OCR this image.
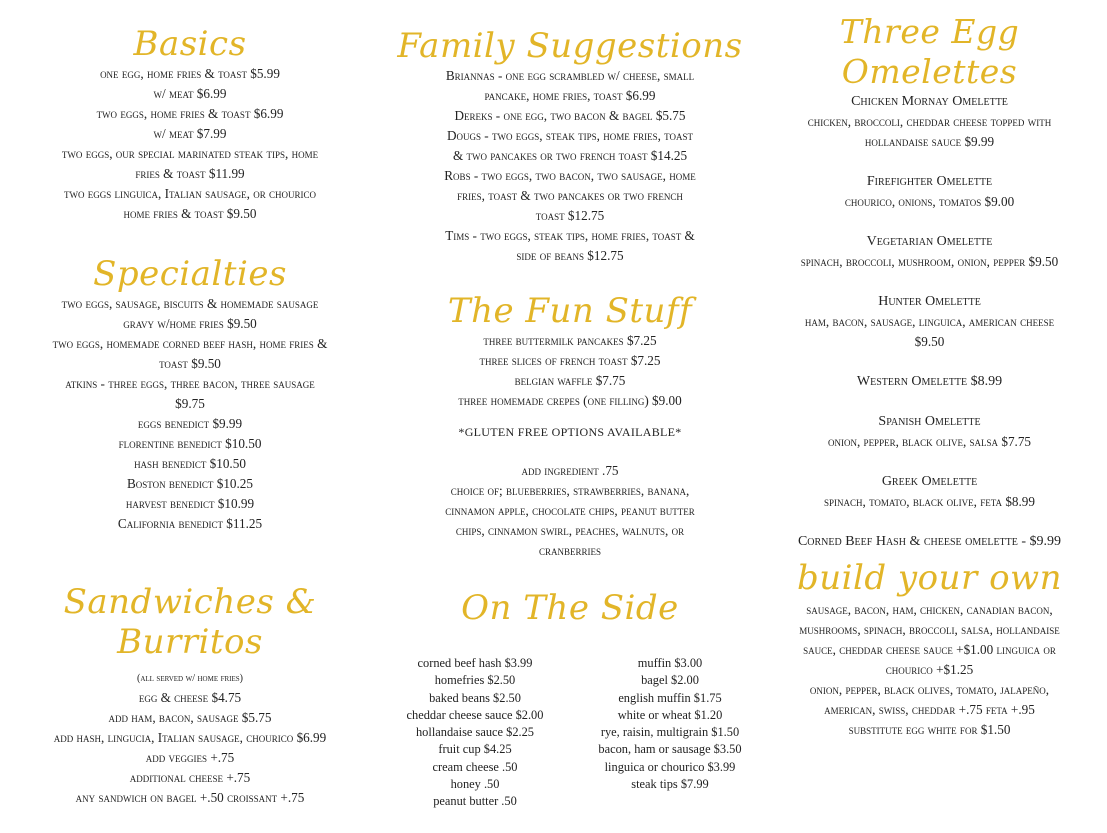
Basics
one egg, home fries & toast $5.99
w/ meat $6.99
two eggs, home fries & toast $6.99
w/ meat $7.99
two eggs, our special marinated steak tips, home
fries & toast $11.99
two eggs linguica, Italian sausage, or chourico
home fries & toast $9.50
Specialties
two eggs, sausage, biscuits & homemade sausage
gravy w/home fries $9.50
two eggs, homemade corned beef hash, home fries &
toast $9.50
atkins - three eggs, three bacon, three sausage
$9.75
eggs benedict $9.99
florentine benedict $10.50
hash benedict $10.50
Boston benedict $10.25
harvest benedict $10.99
California benedict $11.25
Sandwiches & Burritos
(all served w/ home fries)
egg & cheese $4.75
add ham, bacon, sausage $5.75
add hash, lingucia, Italian sausage, chourico $6.99
add veggies +.75
additional cheese +.75
any sandwich on bagel +.50 croissant +.75
Family Suggestions
Briannas - one egg scrambled w/ cheese, small
pancake, home fries, toast $6.99
Dereks - one egg, two bacon & bagel $5.75
Dougs - two eggs, steak tips, home fries, toast
& two pancakes or two french toast $14.25
Robs - two eggs, two bacon, two sausage, home
fries, toast & two pancakes or two french
toast $12.75
Tims - two eggs, steak tips, home fries, toast &
side of beans $12.75
The Fun Stuff
three buttermilk pancakes $7.25
three slices of french toast $7.25
belgian waffle $7.75
three homemade crepes (one filling) $9.00
*GLUTEN FREE OPTIONS AVAILABLE*
add ingredient .75
choice of; blueberries, strawberries, banana,
cinnamon apple, chocolate chips, peanut butter
chips, cinnamon swirl, peaches, walnuts, or
cranberries
On The Side
corned beef hash $3.99
homefries $2.50
baked beans $2.50
cheddar cheese sauce $2.00
hollandaise sauce $2.25
fruit cup $4.25
cream cheese .50
honey .50
peanut butter .50
muffin $3.00
bagel $2.00
english muffin $1.75
white or wheat $1.20
rye, raisin, multigrain $1.50
bacon, ham or sausage $3.50
linguica or chourico $3.99
steak tips $7.99
Three Egg Omelettes
Chicken Mornay Omelette
chicken, broccoli, cheddar cheese topped with
hollandaise sauce $9.99
Firefighter Omelette
chourico, onions, tomatos $9.00
Vegetarian Omelette
spinach, broccoli, mushroom, onion, pepper $9.50
Hunter Omelette
ham, bacon, sausage, linguica, american cheese
$9.50
Western Omelette $8.99
Spanish Omelette
onion, pepper, black olive, salsa $7.75
Greek Omelette
spinach, tomato, black olive, feta $8.99
Corned Beef Hash & cheese omelette - $9.99
build your own
sausage, bacon, ham, chicken, canadian bacon,
mushrooms, spinach, broccoli, salsa, hollandaise
sauce, cheddar cheese sauce +$1.00 linguica or
chourico +$1.25
onion, pepper, black olives, tomato, jalapeño,
american, swiss, cheddar +.75 feta +.95
substitute egg white for $1.50
